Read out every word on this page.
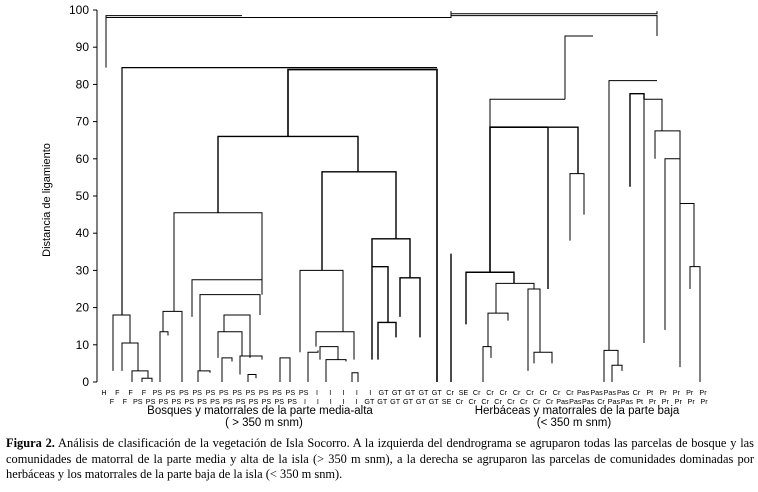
0
10
20
30
40
50
60
70
80
90
100
Distancia de ligamiento
H F F F PS PS PS PS PS PS PS PS PS PS PS PS I I I I I GT GT GT GT GT Cr SE Cr Cr Cr Cr Cr Cr Cr Cr Pas Pas Pas Pas Cr Pt Pr Pr Pr Pr
F F PS PS PS PS PS PS PS PS PS PS PS PS PS I I I I I GT GT GT GT GT GT SE Cr Cr Cr Cr Cr Cr Cr Cr Pas Pas Pas Cr Pas Pas Pt Pr Pr Pr Pr Pr
Bosques y matorrales de la parte media-alta
( > 350 m snm)
Herbáceas y matorrales de la parte baja
(< 350 m snm)
Figura 2. Análisis de clasificación de la vegetación de Isla Socorro. A la izquierda del dendrograma se agruparon todas las parcelas de bosque y las comunidades de matorral de la parte media y alta de la isla (> 350 m snm), a la derecha se agruparon las parcelas de comunidades dominadas por herbáceas y los matorrales de la parte baja de la isla (< 350 m snm).
